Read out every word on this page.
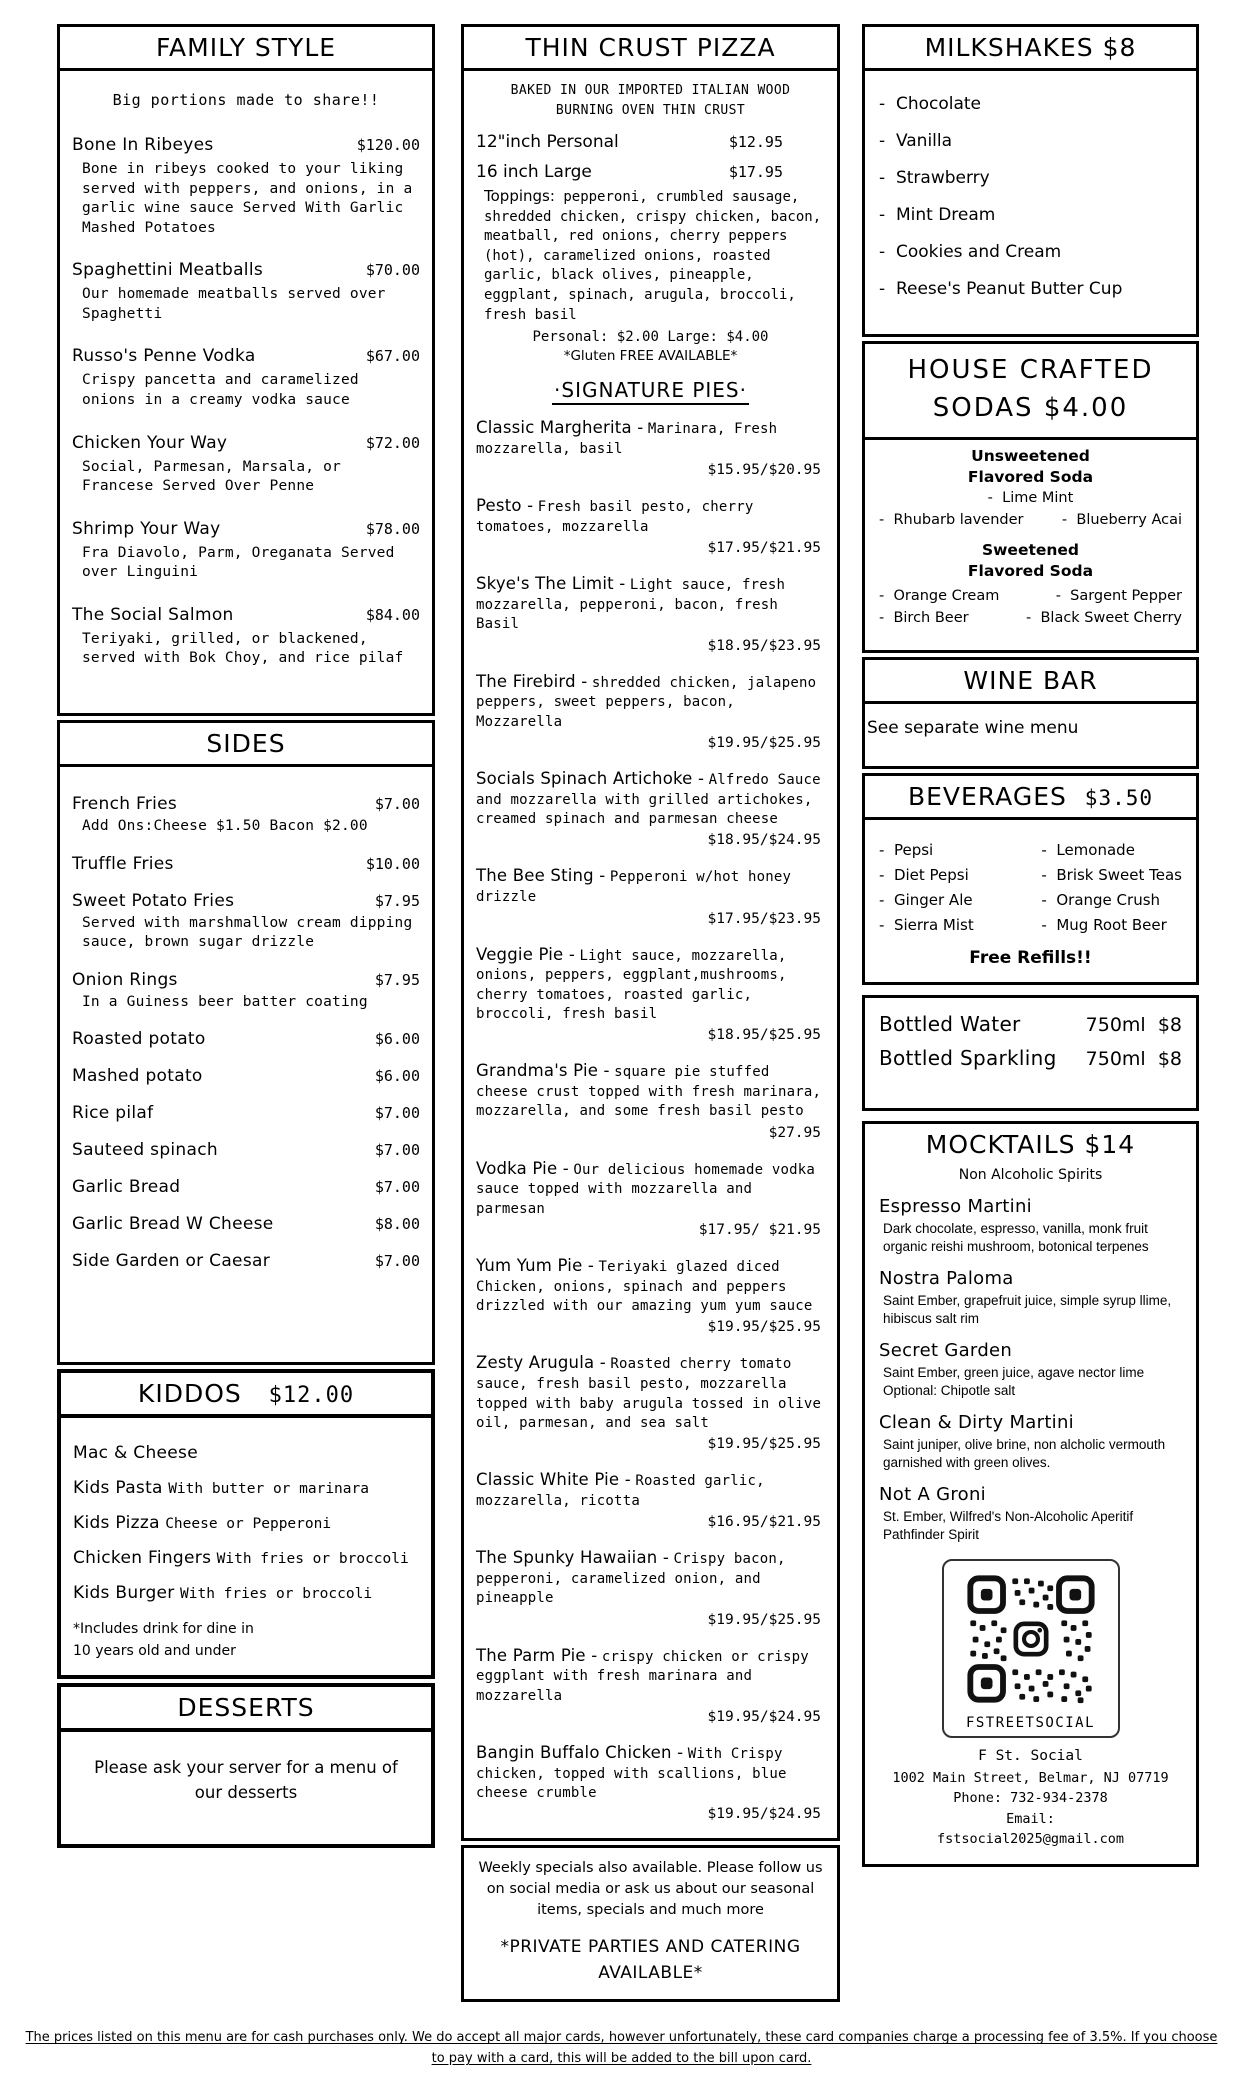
FAMILY STYLE
Big portions made to share!!
Bone In Ribeyes	$120.00
Bone in ribeys cooked to your liking served with peppers, and onions, in a garlic wine sauce Served With Garlic Mashed Potatoes
Spaghettini Meatballs	$70.00
Our homemade meatballs served over Spaghetti
Russo's Penne Vodka	$67.00
Crispy pancetta and caramelized onions in a creamy vodka sauce
Chicken Your Way	$72.00
Social, Parmesan, Marsala, or Francese Served Over Penne
Shrimp Your Way	$78.00
Fra Diavolo, Parm, Oreganata Served over Linguini
The Social Salmon	$84.00
Teriyaki, grilled, or blackened, served with Bok Choy, and rice pilaf
SIDES
French Fries	$7.00
Add Ons:Cheese $1.50 Bacon $2.00
Truffle Fries	$10.00
Sweet Potato Fries	$7.95
Served with marshmallow cream dipping sauce, brown sugar drizzle
Onion Rings	$7.95
In a Guiness beer batter coating
Roasted potato	$6.00
Mashed potato	$6.00
Rice pilaf	$7.00
Sauteed spinach	$7.00
Garlic Bread	$7.00
Garlic Bread W Cheese	$8.00
Side Garden or Caesar	$7.00
KIDDOS $12.00
Mac & Cheese
Kids Pasta With butter or marinara
Kids Pizza Cheese or Pepperoni
Chicken Fingers With fries or broccoli
Kids Burger With fries or broccoli
*Includes drink for dine in
10 years old and under
DESSERTS
Please ask your server for a menu of our desserts
THIN CRUST PIZZA
BAKED IN OUR IMPORTED ITALIAN WOOD BURNING OVEN THIN CRUST
12"inch Personal	$12.95
16 inch Large	$17.95
Toppings: pepperoni, crumbled sausage, shredded chicken, crispy chicken, bacon, meatball, red onions, cherry peppers (hot), caramelized onions, roasted garlic, black olives, pineapple, eggplant, spinach, arugula, broccoli, fresh basil
Personal: $2.00 Large: $4.00
*Gluten FREE AVAILABLE*
·SIGNATURE PIES·
Classic Margherita - Marinara, Fresh mozzarella, basil
$15.95/$20.95
Pesto - Fresh basil pesto, cherry tomatoes, mozzarella
$17.95/$21.95
Skye's The Limit - Light sauce, fresh mozzarella, pepperoni, bacon, fresh Basil
$18.95/$23.95
The Firebird - shredded chicken, jalapeno peppers, sweet peppers, bacon, Mozzarella
$19.95/$25.95
Socials Spinach Artichoke - Alfredo Sauce and mozzarella with grilled artichokes, creamed spinach and parmesan cheese
$18.95/$24.95
The Bee Sting - Pepperoni w/hot honey drizzle
$17.95/$23.95
Veggie Pie - Light sauce, mozzarella, onions, peppers, eggplant,mushrooms, cherry tomatoes, roasted garlic, broccoli, fresh basil
$18.95/$25.95
Grandma's Pie - square pie stuffed cheese crust topped with fresh marinara, mozzarella, and some fresh basil pesto
$27.95
Vodka Pie - Our delicious homemade vodka sauce topped with mozzarella and parmesan
$17.95/ $21.95
Yum Yum Pie - Teriyaki glazed diced Chicken, onions, spinach and peppers drizzled with our amazing yum yum sauce
$19.95/$25.95
Zesty Arugula - Roasted cherry tomato sauce, fresh basil pesto, mozzarella topped with baby arugula tossed in olive oil, parmesan, and sea salt
$19.95/$25.95
Classic White Pie - Roasted garlic, mozzarella, ricotta
$16.95/$21.95
The Spunky Hawaiian - Crispy bacon, pepperoni, caramelized onion, and pineapple
$19.95/$25.95
The Parm Pie - crispy chicken or crispy eggplant with fresh marinara and mozzarella
$19.95/$24.95
Bangin Buffalo Chicken - With Crispy chicken, topped with scallions, blue cheese crumble
$19.95/$24.95
Weekly specials also available. Please follow us on social media or ask us about our seasonal items, specials and much more
*PRIVATE PARTIES AND CATERING AVAILABLE*
MILKSHAKES $8
- Chocolate
- Vanilla
- Strawberry
- Mint Dream
- Cookies and Cream
- Reese's Peanut Butter Cup
HOUSE CRAFTED
SODAS $4.00
Unsweetened
Flavored Soda
- Lime Mint
- Rhubarb lavender	- Blueberry Acai
Sweetened
Flavored Soda
- Orange Cream	- Sargent Pepper
- Birch Beer	- Black Sweet Cherry
WINE BAR
See separate wine menu
BEVERAGES $3.50
- Pepsi
- Diet Pepsi
- Ginger Ale
- Sierra Mist
- Lemonade
- Brisk Sweet Teas
- Orange Crush
- Mug Root Beer
Free Refills!!
Bottled Water	750ml $8
Bottled Sparkling 750ml $8
MOCKTAILS $14
Non Alcoholic Spirits
Espresso Martini
Dark chocolate, espresso, vanilla, monk fruit organic reishi mushroom, botonical terpenes
Nostra Paloma
Saint Ember, grapefruit juice, simple syrup llime, hibiscus salt rim
Secret Garden
Saint Ember, green juice, agave nector lime Optional: Chipotle salt
Clean & Dirty Martini
Saint juniper, olive brine, non alcholic vermouth garnished with green olives.
Not A Groni
St. Ember, Wilfred's Non-Alcoholic Aperitif Pathfinder Spirit
FSTREETSOCIAL
F St. Social
1002 Main Street, Belmar, NJ 07719
Phone: 732-934-2378
Email:
fstsocial2025@gmail.com
The prices listed on this menu are for cash purchases only. We do accept all major cards, however unfortunately, these card companies charge a processing fee of 3.5%. If you choose
to pay with a card, this will be added to the bill upon card.
